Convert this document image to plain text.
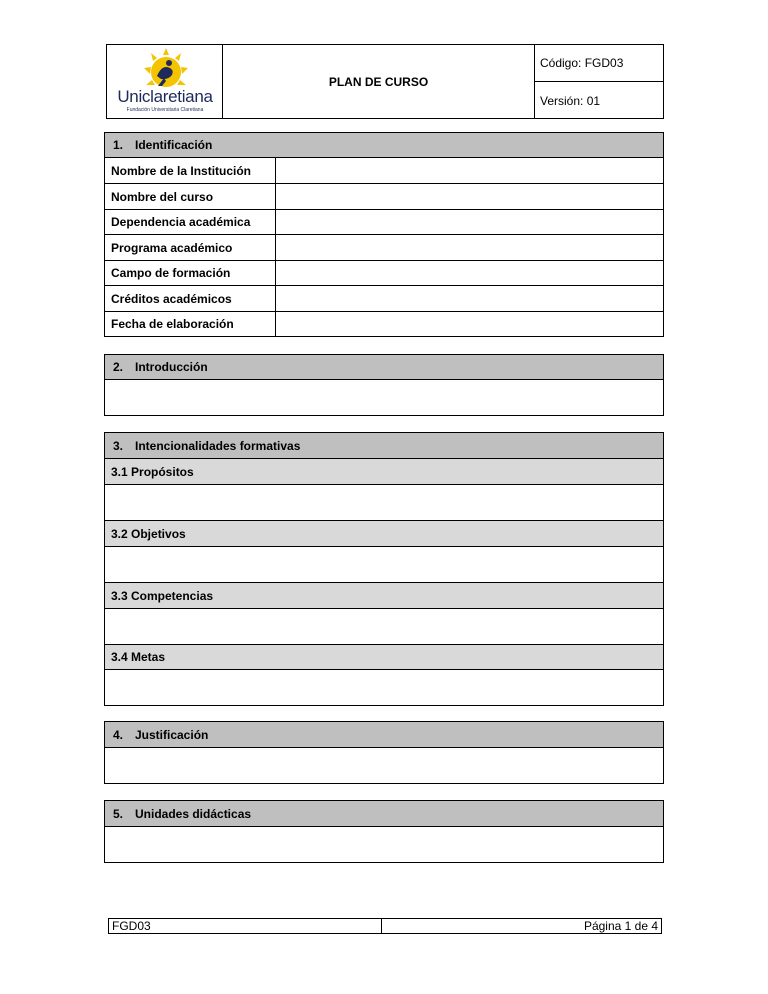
Uniclaretiana
Fundación Universitaria Claretiana
PLAN DE CURSO
Código: FGD03
Versión: 01
1. Identificación
Nombre de la Institución
Nombre del curso
Dependencia académica
Programa académico
Campo de formación
Créditos académicos
Fecha de elaboración
2. Introducción
3. Intencionalidades formativas
3.1 Propósitos
3.2 Objetivos
3.3 Competencias
3.4 Metas
4. Justificación
5. Unidades didácticas
FGD03	Página 1 de 4
